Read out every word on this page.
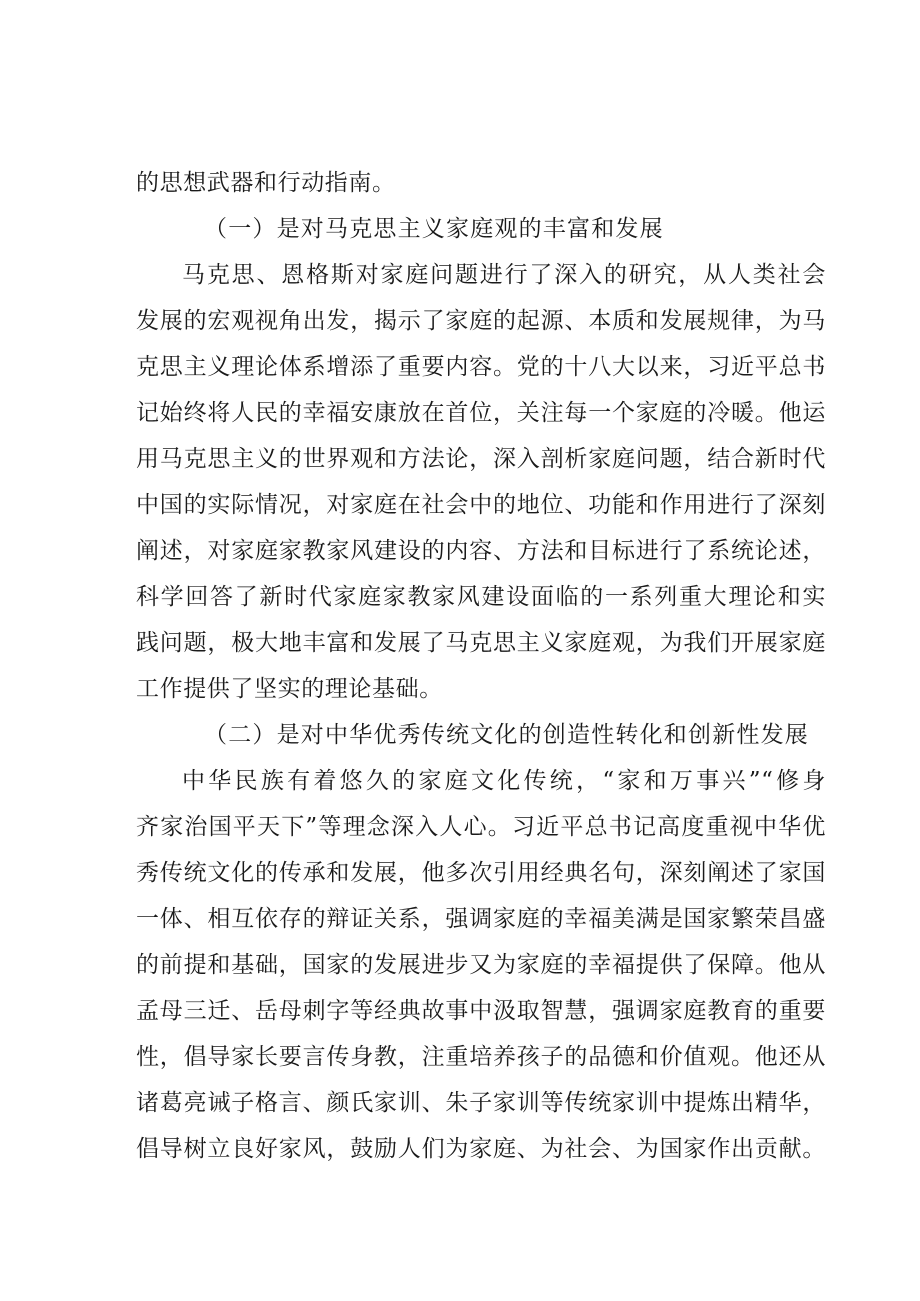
的思想武器和行动指南。
（一）是对马克思主义家庭观的丰富和发展
马克思、恩格斯对家庭问题进行了深入的研究，从人类社会
发展的宏观视角出发，揭示了家庭的起源、本质和发展规律，为马
克思主义理论体系增添了重要内容。党的十八大以来，习近平总书
记始终将人民的幸福安康放在首位，关注每一个家庭的冷暖。他运
用马克思主义的世界观和方法论，深入剖析家庭问题，结合新时代
中国的实际情况，对家庭在社会中的地位、功能和作用进行了深刻
阐述，对家庭家教家风建设的内容、方法和目标进行了系统论述，
科学回答了新时代家庭家教家风建设面临的一系列重大理论和实
践问题，极大地丰富和发展了马克思主义家庭观，为我们开展家庭
工作提供了坚实的理论基础。
（二）是对中华优秀传统文化的创造性转化和创新性发展
中华民族有着悠久的家庭文化传统，“家和万事兴”“修身
齐家治国平天下”等理念深入人心。习近平总书记高度重视中华优
秀传统文化的传承和发展，他多次引用经典名句，深刻阐述了家国
一体、相互依存的辩证关系，强调家庭的幸福美满是国家繁荣昌盛
的前提和基础，国家的发展进步又为家庭的幸福提供了保障。他从
孟母三迁、岳母刺字等经典故事中汲取智慧，强调家庭教育的重要
性，倡导家长要言传身教，注重培养孩子的品德和价值观。他还从
诸葛亮诫子格言、颜氏家训、朱子家训等传统家训中提炼出精华，
倡导树立良好家风，鼓励人们为家庭、为社会、为国家作出贡献。
